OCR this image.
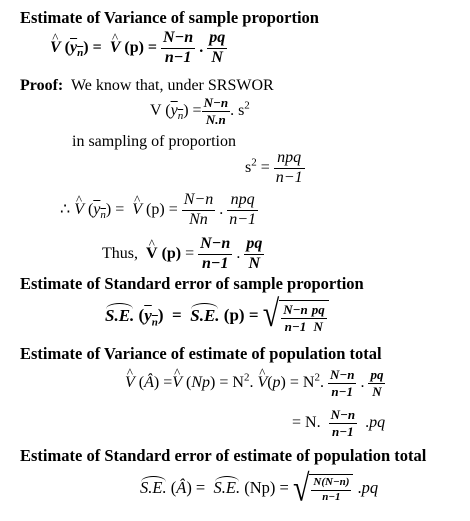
Estimate of Variance of sample proportion
^ V $(y_n)$ =  ^ V $(p) = \frac{N-n}{n-1}$ . $\frac{pq}{N}$
Proof: We know that, under SRSWOR
V $(y_n) = \frac{N-n}{N.n}$ . $s^2$
in sampling of proportion
$s^2 = \frac{\text{npq}}{n-1}$
∴ ^ V $(y_n)$ =  ^ V $(p) = \frac{N-n}{Nn}$ . $\frac{\text{npq}}{n-1}$
Thus, ^ V $(p) = \frac{N-n}{n-1}$ . $\frac{pq}{N}$
Estimate of Standard error of sample proportion
S.E. $(y_n) = S.E$. (p) = √ $\frac{N-n}{n-1} \frac{pq}{N}$
Estimate of Variance of estimate of population total
^ V (Â) =^ V $(Np) = N^2$. ^ $V(p) = N^2$. $\frac{N-n}{n-1}$ . $\frac{pq}{N}$
= N. $\frac{N-n}{n-1} .pq$
Estimate of Standard error of estimate of population total
S.E. (Â) =  S.E. (Np) = √ $\frac{N(N-n)}{n-1} .pq$
